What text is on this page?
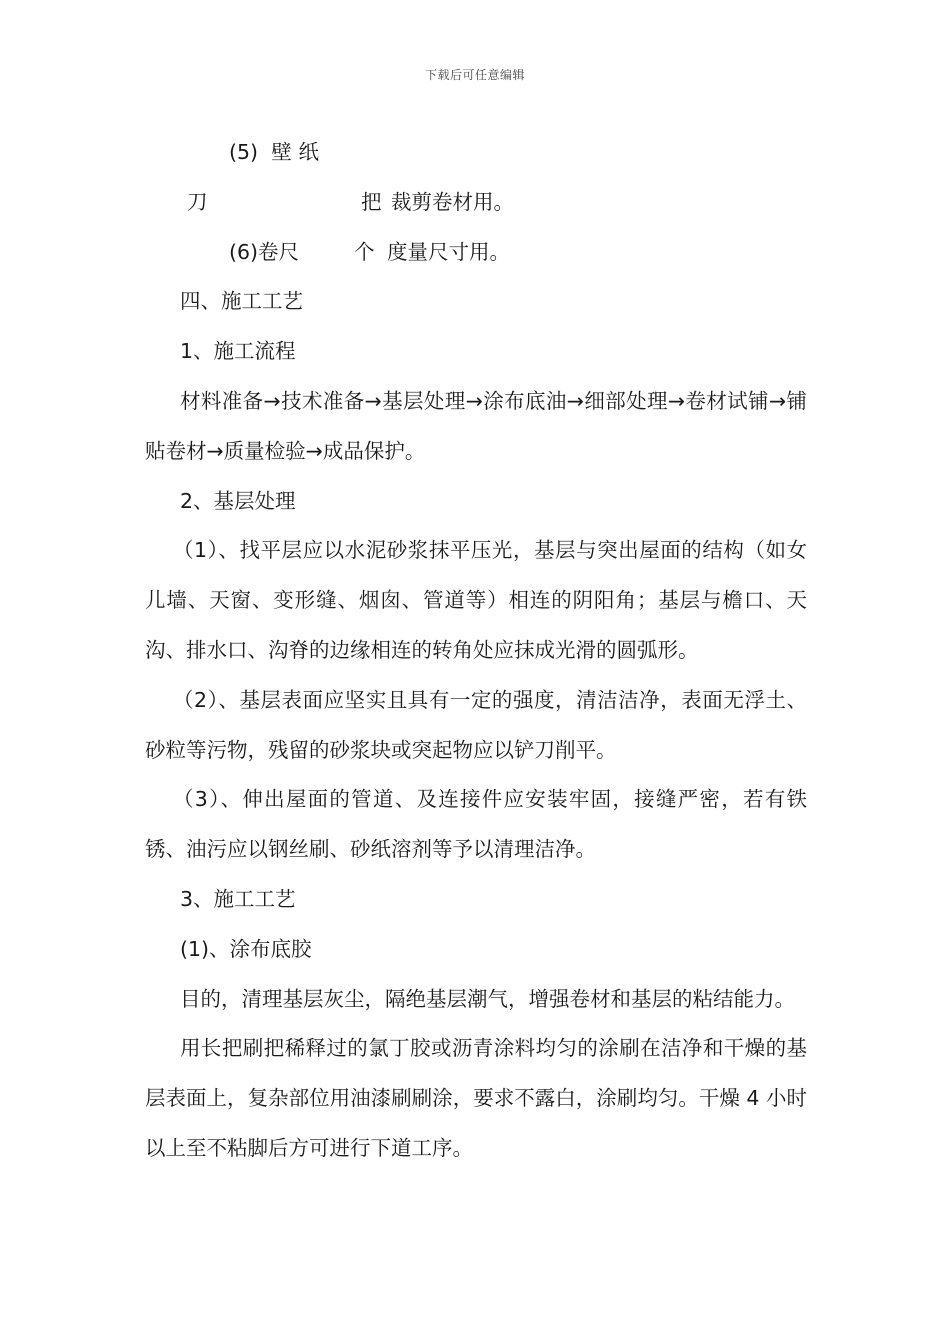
下载后可任意编辑

(5) 壁纸刀	把 裁剪卷材用。

(6)卷尺	个 度量尺寸用。

四、施工工艺

1、施工流程

材料准备→技术准备→基层处理→涂布底油→细部处理→卷材试铺→铺贴卷材→质量检验→成品保护。

2、基层处理

（1）、找平层应以水泥砂浆抹平压光，基层与突出屋面的结构（如女儿墙、天窗、变形缝、烟囱、管道等）相连的阴阳角；基层与檐口、天沟、排水口、沟脊的边缘相连的转角处应抹成光滑的圆弧形。

（2）、基层表面应坚实且具有一定的强度，清洁洁净，表面无浮土、砂粒等污物，残留的砂浆块或突起物应以铲刀削平。

（3）、伸出屋面的管道、及连接件应安装牢固，接缝严密，若有铁锈、油污应以钢丝刷、砂纸溶剂等予以清理洁净。

3、施工工艺

(1)、涂布底胶

目的，清理基层灰尘，隔绝基层潮气，增强卷材和基层的粘结能力。

用长把刷把稀释过的氯丁胶或沥青涂料均匀的涂刷在洁净和干燥的基层表面上，复杂部位用油漆刷刷涂，要求不露白，涂刷均匀。干燥 4 小时以上至不粘脚后方可进行下道工序。
